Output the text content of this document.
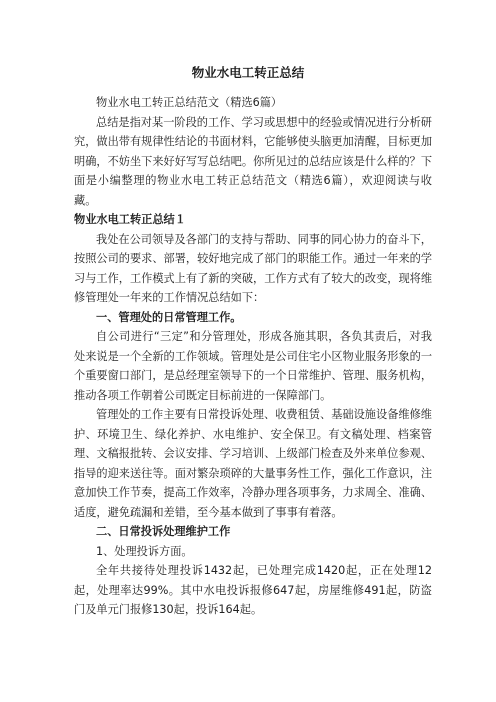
物业水电工转正总结

物业水电工转正总结范文（精选6篇）

总结是指对某一阶段的工作、学习或思想中的经验或情况进行分析研究，做出带有规律性结论的书面材料，它能够使头脑更加清醒，目标更加明确，不妨坐下来好好写写总结吧。你所见过的总结应该是什么样的？下面是小编整理的物业水电工转正总结范文（精选6篇），欢迎阅读与收藏。

物业水电工转正总结１

我处在公司领导及各部门的支持与帮助、同事的同心协力的奋斗下，按照公司的要求、部署，较好地完成了部门的职能工作。通过一年来的学习与工作，工作模式上有了新的突破，工作方式有了较大的改变，现将维修管理处一年来的工作情况总结如下：

一、管理处的日常管理工作。

自公司进行“三定”和分管理处，形成各施其职，各负其责后，对我处来说是一个全新的工作领域。管理处是公司住宅小区物业服务形象的一个重要窗口部门，是总经理室领导下的一个日常维护、管理、服务机构，推动各项工作朝着公司既定目标前进的一保障部门。

管理处的工作主要有日常投诉处理、收费租赁、基础设施设备维修维护、环境卫生、绿化养护、水电维护、安全保卫。有文稿处理、档案管理、文稿报批转、会议安排、学习培训、上级部门检查及外来单位参观、指导的迎来送往等。面对繁杂琐碎的大量事务性工作，强化工作意识，注意加快工作节奏，提高工作效率，冷静办理各项事务，力求周全、准确、适度，避免疏漏和差错，至今基本做到了事事有着落。

二、日常投诉处理维护工作

1、处理投诉方面。

全年共接待处理投诉1432起，已处理完成1420起，正在处理12起，处理率达99%。其中水电投诉报修647起，房屋维修491起，防盗门及单元门报修130起，投诉164起。
